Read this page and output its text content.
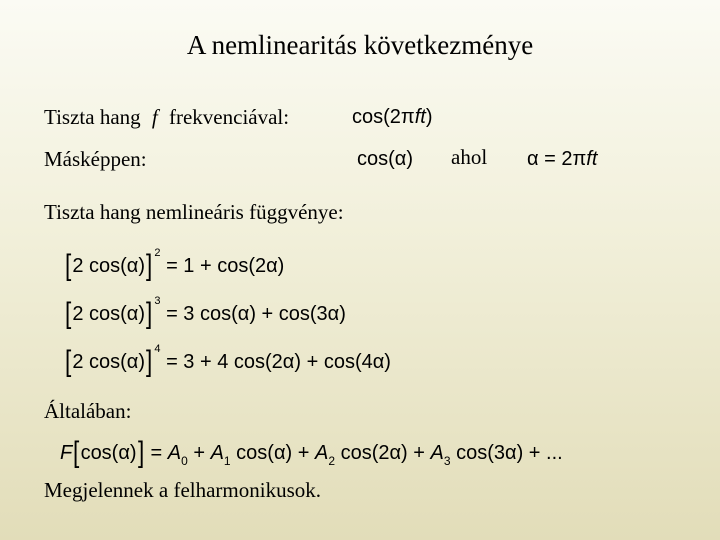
A nemlinearitás következménye
Tiszta hang f frekvenciával:	cos(2πft)
Másképpen:	cos(α) ahol α = 2πft
Tiszta hang nemlineáris függvénye:
[2 cos(α)] $^2$ = 1 + cos(2α)
[2 cos(α)] $^3$ = 3 cos(α) + cos(3α)
[2 cos(α)] $^4$ = 3 + 4 cos(2α) + cos(4α)
Általában:
$F[\cos(\alpha)] = A_0 + A_1$ $\cos(\alpha) + A_2$ $\cos(2\alpha) + A_3$ cos(3α) + ...
Megjelennek a felharmonikusok.
